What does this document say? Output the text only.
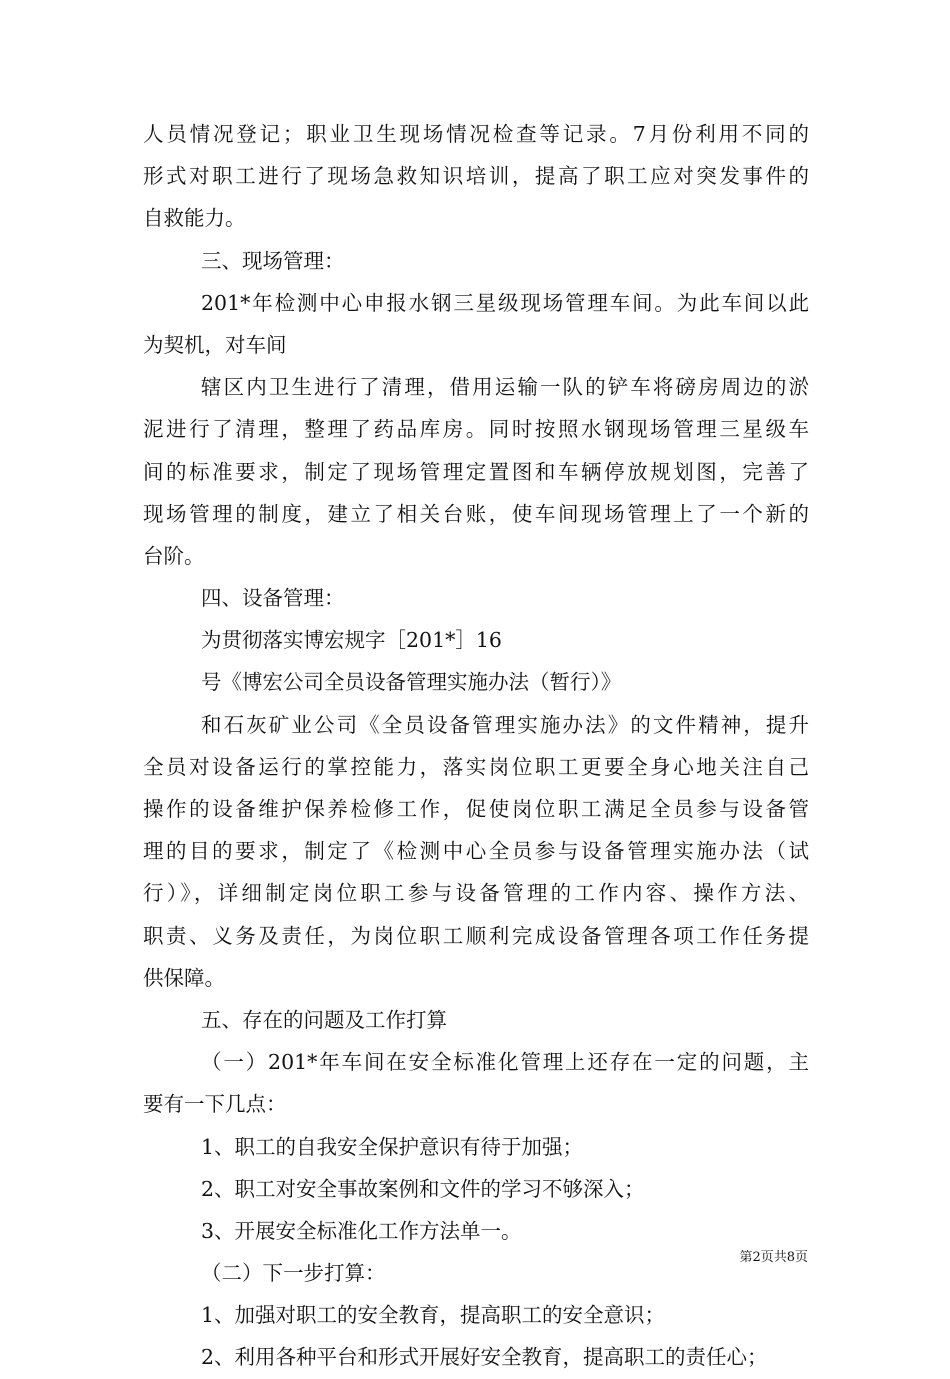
人员情况登记；职业卫生现场情况检查等记录。7月份利用不同的
形式对职工进行了现场急救知识培训，提高了职工应对突发事件的
自救能力。
三、现场管理：
201*年检测中心申报水钢三星级现场管理车间。为此车间以此
为契机，对车间
辖区内卫生进行了清理，借用运输一队的铲车将磅房周边的淤
泥进行了清理，整理了药品库房。同时按照水钢现场管理三星级车
间的标准要求，制定了现场管理定置图和车辆停放规划图，完善了
现场管理的制度，建立了相关台账，使车间现场管理上了一个新的
台阶。
四、设备管理：
为贯彻落实博宏规字［201*］16
号《博宏公司全员设备管理实施办法（暂行）》
和石灰矿业公司《全员设备管理实施办法》的文件精神，提升
全员对设备运行的掌控能力，落实岗位职工更要全身心地关注自己
操作的设备维护保养检修工作，促使岗位职工满足全员参与设备管
理的目的要求，制定了《检测中心全员参与设备管理实施办法（试
行）》，详细制定岗位职工参与设备管理的工作内容、操作方法、
职责、义务及责任，为岗位职工顺利完成设备管理各项工作任务提
供保障。
五、存在的问题及工作打算
（一）201*年车间在安全标准化管理上还存在一定的问题，主
要有一下几点：
1、职工的自我安全保护意识有待于加强；
2、职工对安全事故案例和文件的学习不够深入；
3、开展安全标准化工作方法单一。
（二）下一步打算：
1、加强对职工的安全教育，提高职工的安全意识；
2、利用各种平台和形式开展好安全教育，提高职工的责任心；
第2页共8页
